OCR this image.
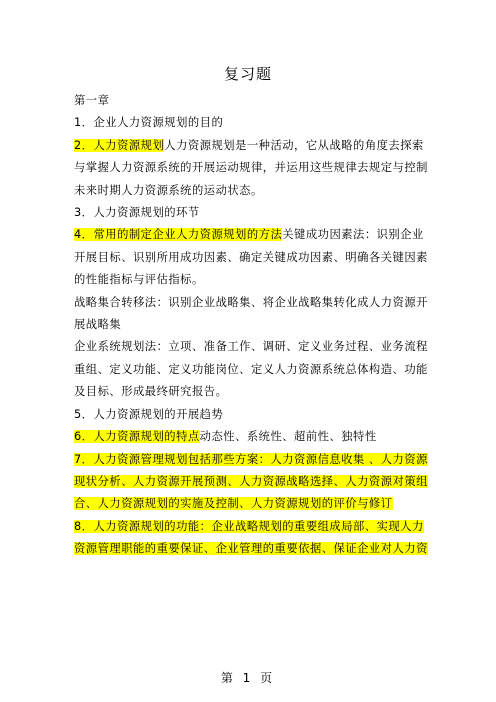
复习题

第一章

1．企业人力资源规划的目的

2．人力资源规划人力资源规划是一种活动，它从战略的角度去探索与掌握人力资源系统的开展运动规律，并运用这些规律去规定与控制未来时期人力资源系统的运动状态。

3．人力资源规划的环节

4．常用的制定企业人力资源规划的方法关键成功因素法：识别企业开展目标、识别所用成功因素、确定关键成功因素、明确各关键因素的性能指标与评估指标。

战略集合转移法：识别企业战略集、将企业战略集转化成人力资源开展战略集

企业系统规划法：立项、准备工作、调研、定义业务过程、业务流程重组、定义功能、定义功能岗位、定义人力资源系统总体构造、功能及目标、形成最终研究报告。

5．人力资源规划的开展趋势

6．人力资源规划的特点动态性、系统性、超前性、独特性

7．人力资源管理规划包括那些方案：人力资源信息收集 、人力资源现状分析、人力资源开展预测、人力资源战略选择、人力资源对策组合、人力资源规划的实施及控制、人力资源规划的评价与修订

8．人力资源规划的功能：企业战略规划的重要组成局部、实现人力资源管理职能的重要保证、企业管理的重要依据、保证企业对人力资

第 1 页
